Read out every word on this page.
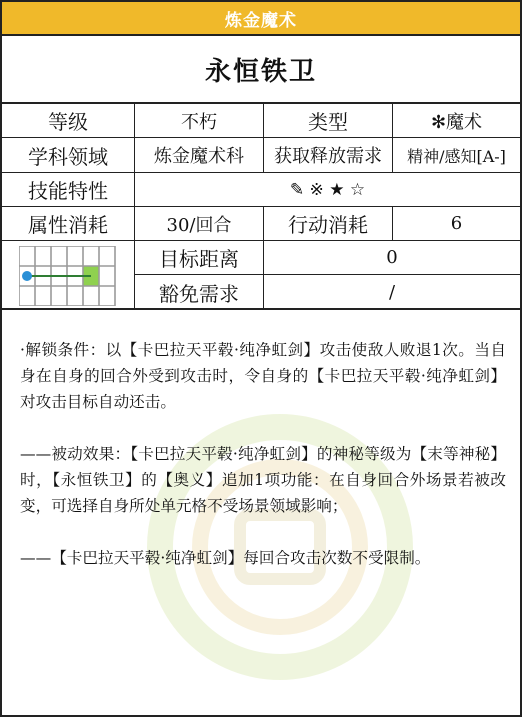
炼金魔术
永恒铁卫
等级	不朽	类型	✻魔术
学科领域	炼金魔术科	获取释放需求	精神/感知[A-]
技能特性	✎ ※ ★ ☆
属性消耗	30/回合	行动消耗	6
目标距离	0
豁免需求	/

·解锁条件：以【卡巴拉天平毂·纯净虹剑】攻击使敌人败退1次。当自身在自身的回合外受到攻击时，令自身的【卡巴拉天平毂·纯净虹剑】对攻击目标自动还击。

——被动效果：【卡巴拉天平毂·纯净虹剑】的神秘等级为【末等神秘】时，【永恒铁卫】的【奥义】追加1项功能：在自身回合外场景若被改变，可选择自身所处单元格不受场景领域影响；

——【卡巴拉天平毂·纯净虹剑】每回合攻击次数不受限制。
